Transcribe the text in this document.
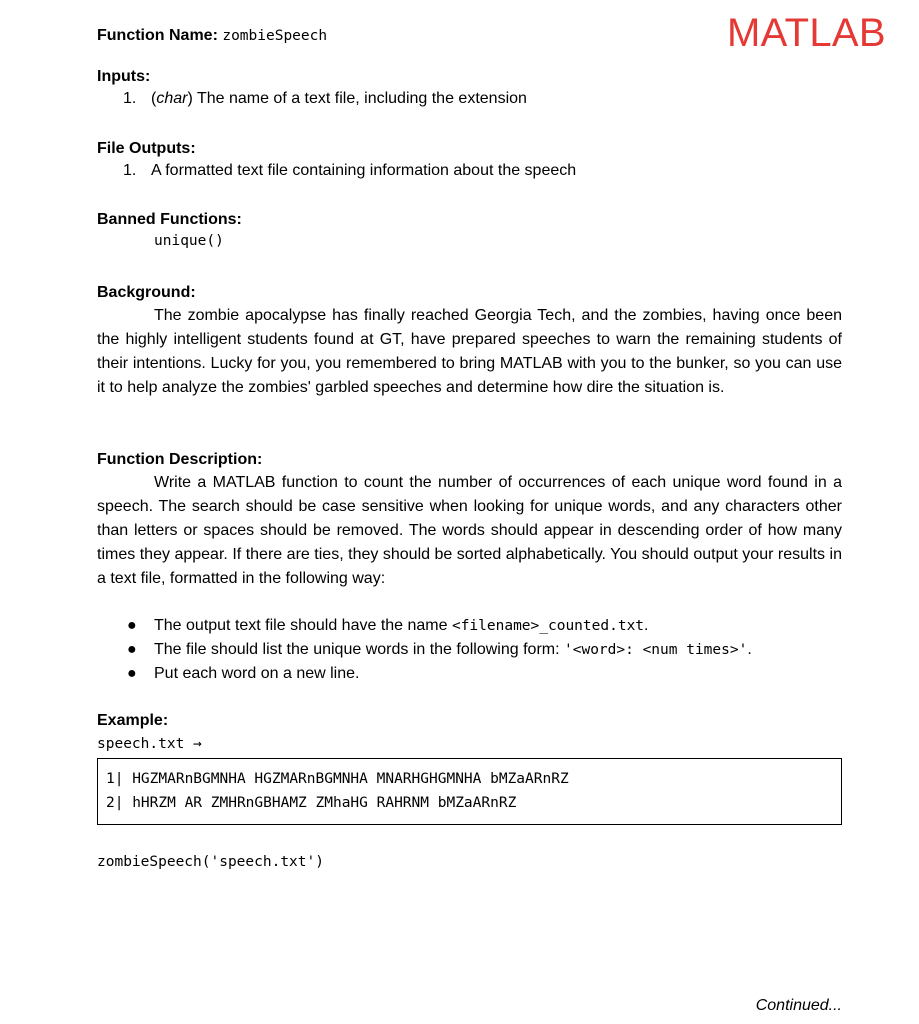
MATLAB
Function Name: zombieSpeech
Inputs:
1. (char) The name of a text file, including the extension
File Outputs:
1. A formatted text file containing information about the speech
Banned Functions:
unique()
Background:

The zombie apocalypse has finally reached Georgia Tech, and the zombies, having once been the highly intelligent students found at GT, have prepared speeches to warn the remaining students of their intentions. Lucky for you, you remembered to bring MATLAB with you to the bunker, so you can use it to help analyze the zombies' garbled speeches and determine how dire the situation is.

Function Description:

Write a MATLAB function to count the number of occurrences of each unique word found in a speech. The search should be case sensitive when looking for unique words, and any characters other than letters or spaces should be removed. The words should appear in descending order of how many times they appear. If there are ties, they should be sorted alphabetically. You should output your results in a text file, formatted in the following way:

● The output text file should have the name <filename>_counted.txt.
● The file should list the unique words in the following form: '<word>: <num times>'.
● Put each word on a new line.
Example:
speech.txt →
1| HGZMARnBGMNHA HGZMARnBGMNHA MNARHGHGMNHA bMZaARnRZ
2| hHRZM AR ZMHRnGBHAMZ ZMhaHG RAHRNM bMZaARnRZ
zombieSpeech('speech.txt')
Continued...
